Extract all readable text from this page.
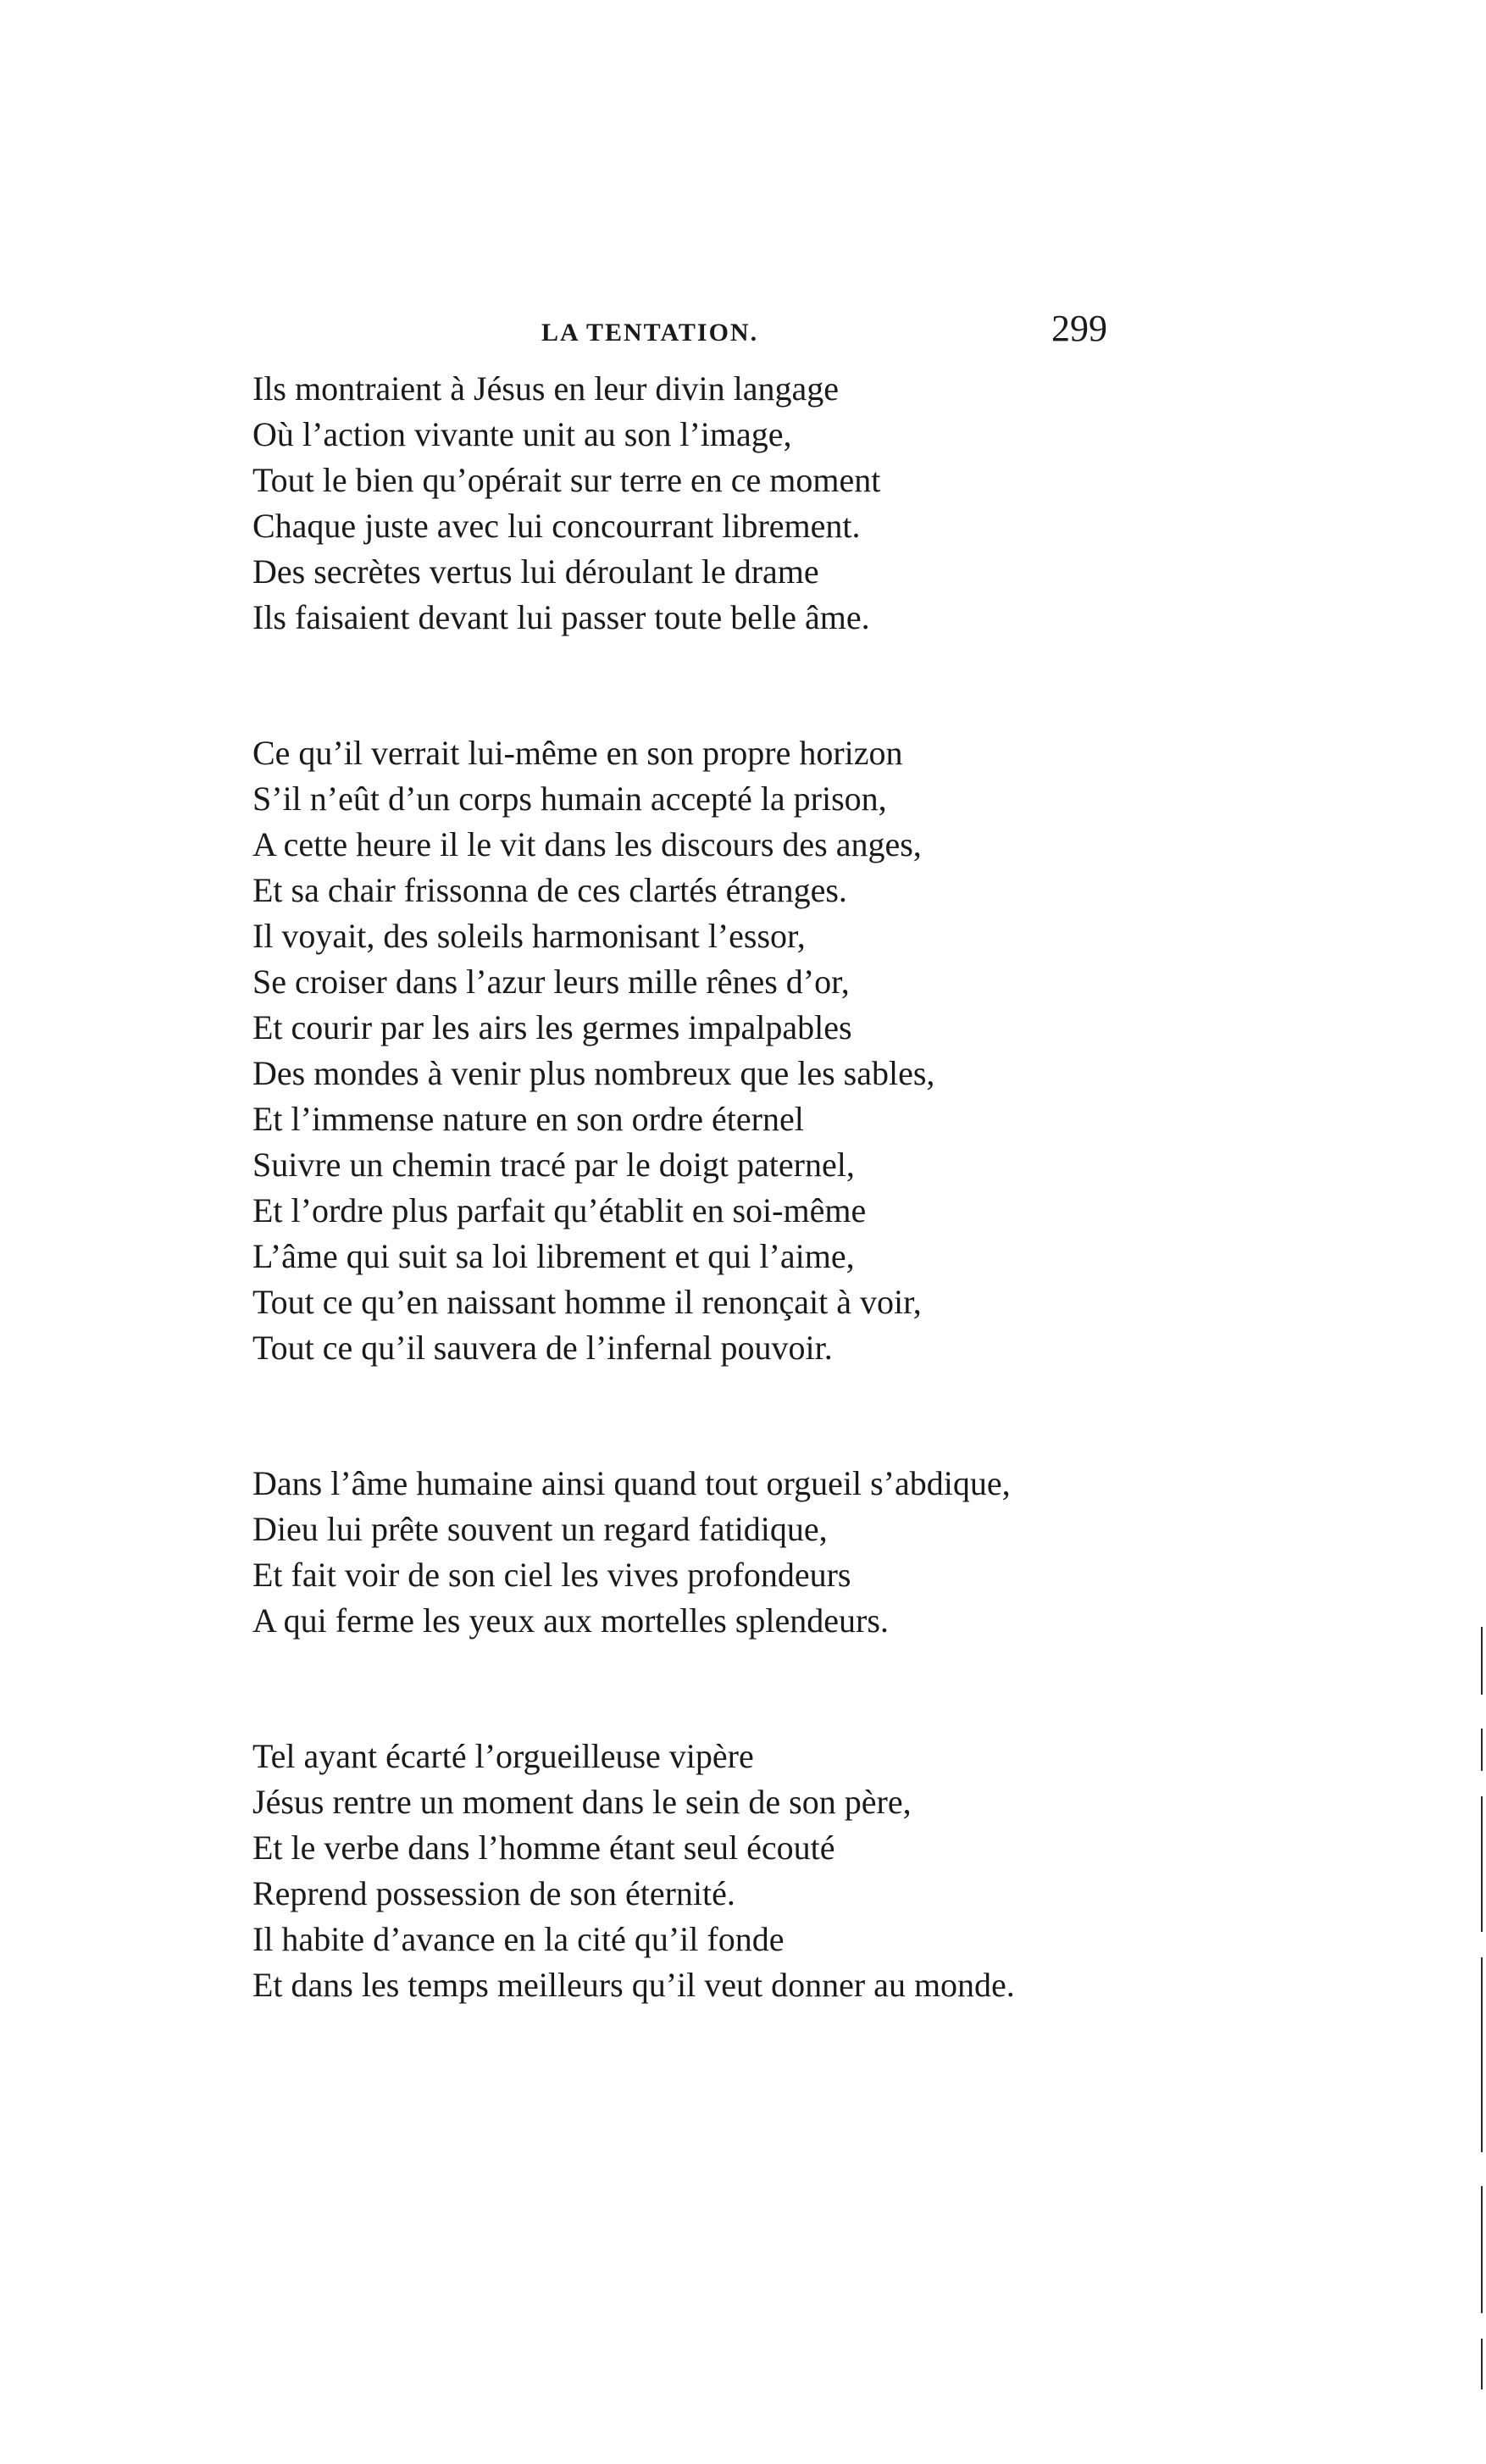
LA TENTATION.	299
Ils montraient à Jésus en leur divin langage
Où l’action vivante unit au son l’image,
Tout le bien qu’opérait sur terre en ce moment
Chaque juste avec lui concourrant librement.
Des secrètes vertus lui déroulant le drame
Ils faisaient devant lui passer toute belle âme.
Ce qu’il verrait lui-même en son propre horizon
S’il n’eût d’un corps humain accepté la prison,
A cette heure il le vit dans les discours des anges,
Et sa chair frissonna de ces clartés étranges.
Il voyait, des soleils harmonisant l’essor,
Se croiser dans l’azur leurs mille rênes d’or,
Et courir par les airs les germes impalpables
Des mondes à venir plus nombreux que les sables,
Et l’immense nature en son ordre éternel
Suivre un chemin tracé par le doigt paternel,
Et l’ordre plus parfait qu’établit en soi-même
L’âme qui suit sa loi librement et qui l’aime,
Tout ce qu’en naissant homme il renonçait à voir,
Tout ce qu’il sauvera de l’infernal pouvoir.
Dans l’âme humaine ainsi quand tout orgueil s’abdique,
Dieu lui prête souvent un regard fatidique,
Et fait voir de son ciel les vives profondeurs
A qui ferme les yeux aux mortelles splendeurs.
Tel ayant écarté l’orgueilleuse vipère
Jésus rentre un moment dans le sein de son père,
Et le verbe dans l’homme étant seul écouté
Reprend possession de son éternité.
Il habite d’avance en la cité qu’il fonde
Et dans les temps meilleurs qu’il veut donner au monde.
